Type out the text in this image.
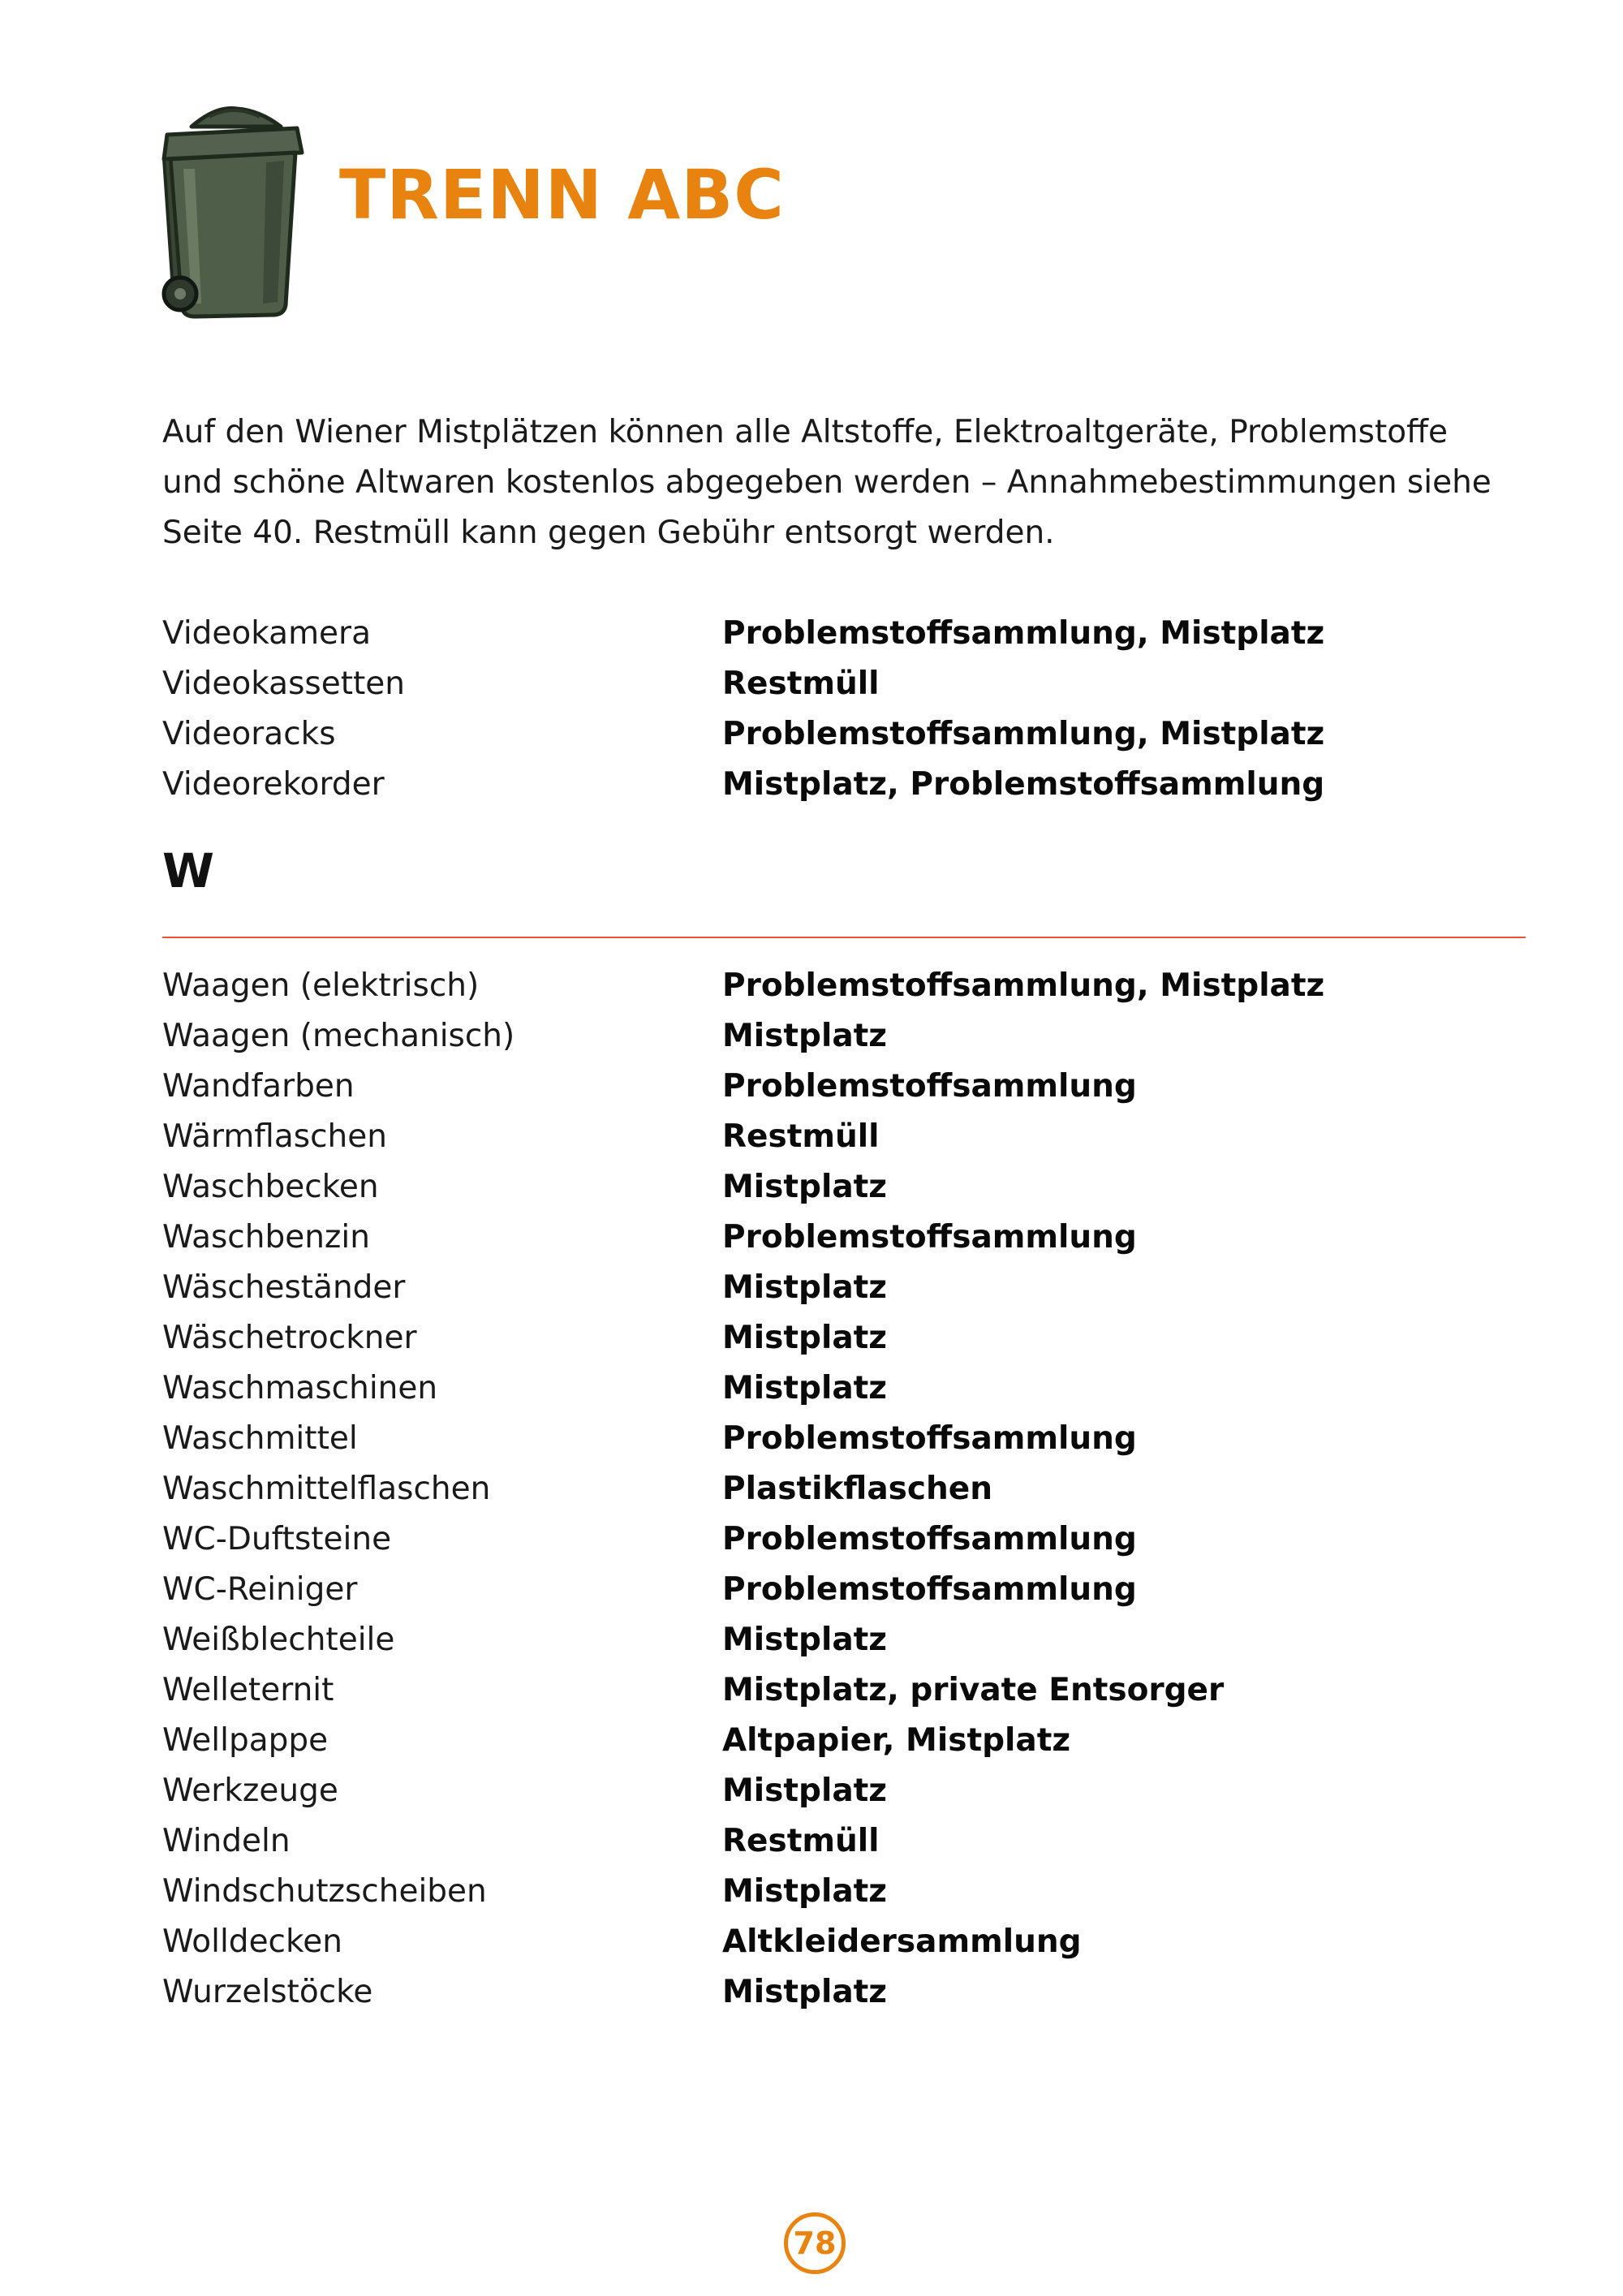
TRENN ABC

Auf den Wiener Mistplätzen können alle Altstoffe, Elektroaltgeräte, Problemstoffe und schöne Altwaren kostenlos abgegeben werden – Annahmebestimmungen siehe Seite 40. Restmüll kann gegen Gebühr entsorgt werden.

Videokamera	Problemstoffsammlung, Mistplatz
Videokassetten	Restmüll
Videoracks	Problemstoffsammlung, Mistplatz
Videorekorder	Mistplatz, Problemstoffsammlung
W
Waagen (elektrisch)	Problemstoffsammlung, Mistplatz
Waagen (mechanisch)	Mistplatz
Wandfarben	Problemstoffsammlung
Wärmflaschen	Restmüll
Waschbecken	Mistplatz
Waschbenzin	Problemstoffsammlung
Wäscheständer	Mistplatz
Wäschetrockner	Mistplatz
Waschmaschinen	Mistplatz
Waschmittel	Problemstoffsammlung
Waschmittelflaschen	Plastikflaschen
WC-Duftsteine	Problemstoffsammlung
WC-Reiniger	Problemstoffsammlung
Weißblechteile	Mistplatz
Welleternit	Mistplatz, private Entsorger
Wellpappe	Altpapier, Mistplatz
Werkzeuge	Mistplatz
Windeln	Restmüll
Windschutzscheiben	Mistplatz
Wolldecken	Altkleidersammlung
Wurzelstöcke	Mistplatz
78
